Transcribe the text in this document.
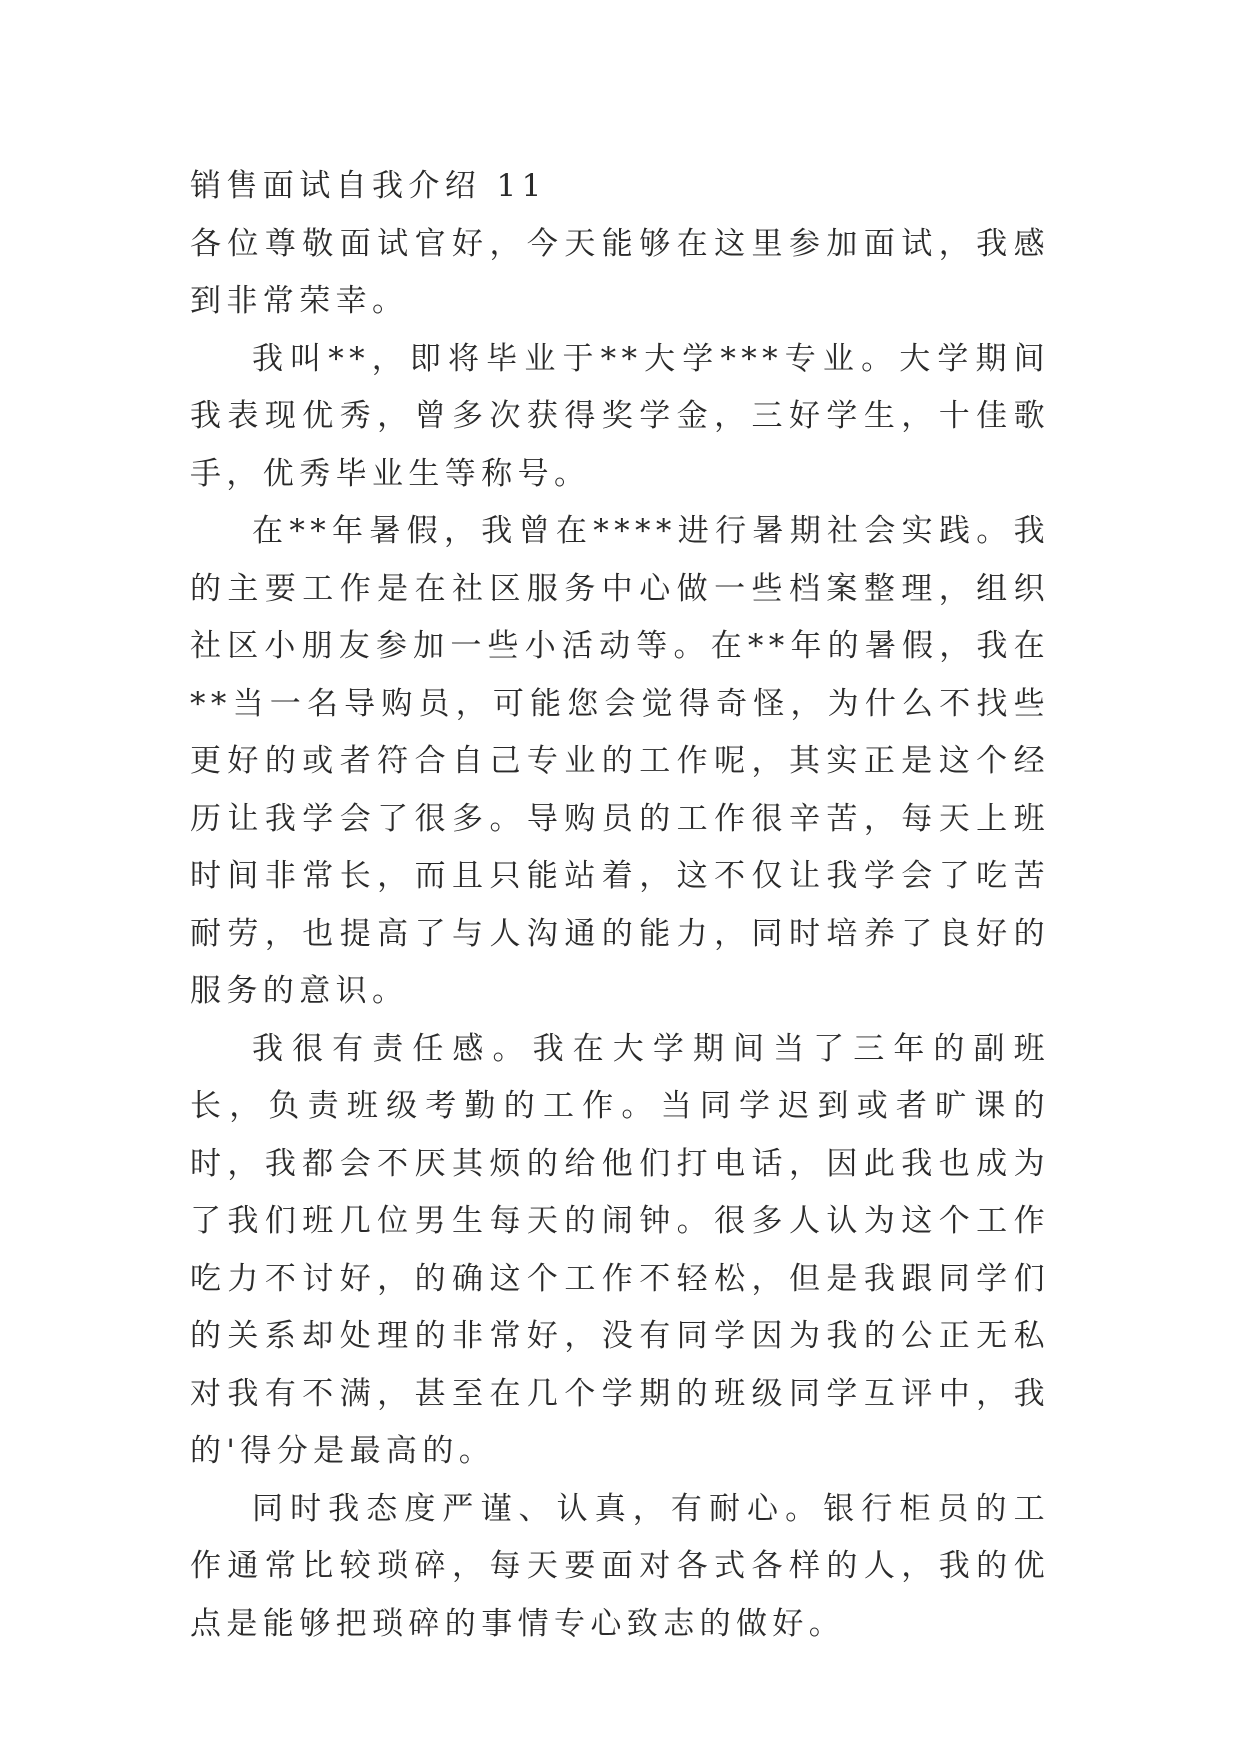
销售面试自我介绍 11

各位尊敬面试官好，今天能够在这里参加面试，我感到非常荣幸。

我叫**，即将毕业于**大学***专业。大学期间我表现优秀，曾多次获得奖学金，三好学生，十佳歌手，优秀毕业生等称号。

在**年暑假，我曾在****进行暑期社会实践。我的主要工作是在社区服务中心做一些档案整理，组织社区小朋友参加一些小活动等。在**年的暑假，我在**当一名导购员，可能您会觉得奇怪，为什么不找些更好的或者符合自己专业的工作呢，其实正是这个经历让我学会了很多。导购员的工作很辛苦，每天上班时间非常长，而且只能站着，这不仅让我学会了吃苦耐劳，也提高了与人沟通的能力，同时培养了良好的服务的意识。

我很有责任感。我在大学期间当了三年的副班长，负责班级考勤的工作。当同学迟到或者旷课的时，我都会不厌其烦的给他们打电话，因此我也成为了我们班几位男生每天的闹钟。很多人认为这个工作吃力不讨好，的确这个工作不轻松，但是我跟同学们的关系却处理的非常好，没有同学因为我的公正无私对我有不满，甚至在几个学期的班级同学互评中，我的'得分是最高的。

同时我态度严谨、认真，有耐心。银行柜员的工作通常比较琐碎，每天要面对各式各样的人，我的优点是能够把琐碎的事情专心致志的做好。
